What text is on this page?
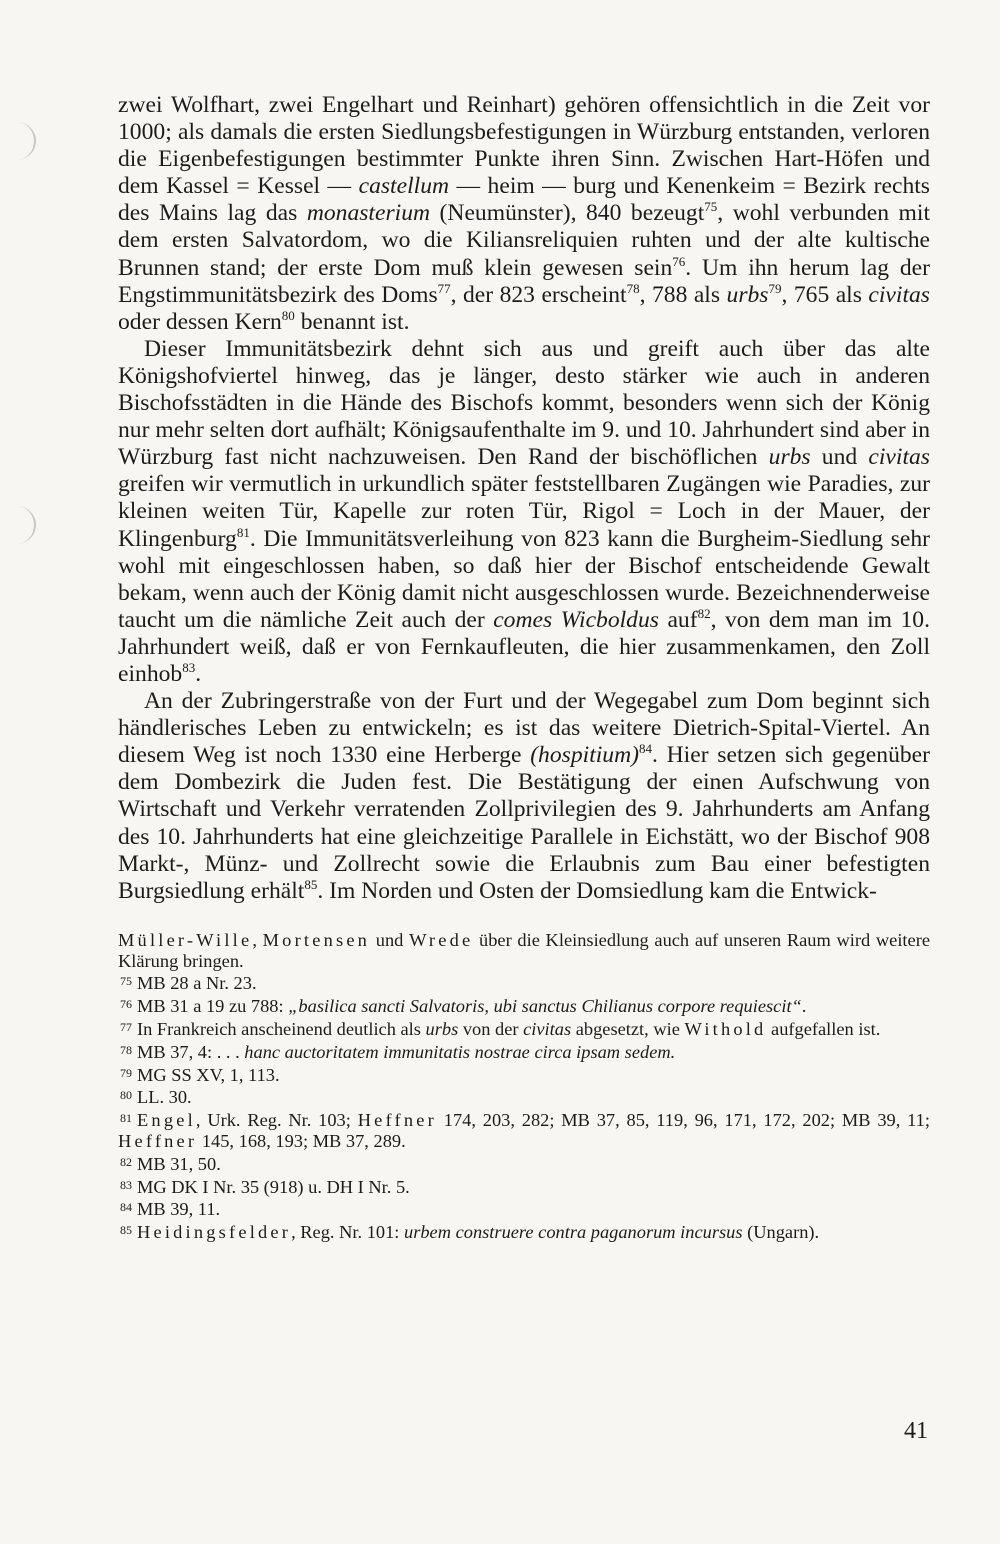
zwei Wolfhart, zwei Engelhart und Reinhart) gehören offensichtlich in die Zeit vor 1000; als damals die ersten Siedlungsbefestigungen in Würzburg entstanden, verloren die Eigenbefestigungen bestimmter Punkte ihren Sinn. Zwischen Hart-Höfen und dem Kassel = Kessel — castellum — heim — burg und Kenenkeim = Bezirk rechts des Mains lag das monasterium (Neumünster), 840 bezeugt$^{75}$, wohl verbunden mit dem ersten Salvatordom, wo die Kiliansreliquien ruhten und der alte kultische Brunnen stand; der erste Dom muß klein gewesen sein$^{76}$. Um ihn herum lag der Engstimmunitätsbezirk des Doms$^{77}$, der 823 erscheint$^{78}$, 788 als urbs$^{79}$, 765 als civitas oder dessen Kern$^{80}$ benannt ist.

Dieser Immunitätsbezirk dehnt sich aus und greift auch über das alte Königshofviertel hinweg, das je länger, desto stärker wie auch in anderen Bischofsstädten in die Hände des Bischofs kommt, besonders wenn sich der König nur mehr selten dort aufhält; Königsaufenthalte im 9. und 10. Jahrhundert sind aber in Würzburg fast nicht nachzuweisen. Den Rand der bischöflichen urbs und civitas greifen wir vermutlich in urkundlich später feststellbaren Zugängen wie Paradies, zur kleinen weiten Tür, Kapelle zur roten Tür, Rigol = Loch in der Mauer, der Klingenburg$^{81}$. Die Immunitätsverleihung von 823 kann die Burgheim-Siedlung sehr wohl mit eingeschlossen haben, so daß hier der Bischof entscheidende Gewalt bekam, wenn auch der König damit nicht ausgeschlossen wurde. Bezeichnenderweise taucht um die nämliche Zeit auch der comes Wicboldus auf$^{82}$, von dem man im 10. Jahrhundert weiß, daß er von Fernkaufleuten, die hier zusammenkamen, den Zoll einhob$^{83}$.

An der Zubringerstraße von der Furt und der Wegegabel zum Dom beginnt sich händlerisches Leben zu entwickeln; es ist das weitere Dietrich-Spital-Viertel. An diesem Weg ist noch 1330 eine Herberge (hospitium)$^{84}$. Hier setzen sich gegenüber dem Dombezirk die Juden fest. Die Bestätigung der einen Aufschwung von Wirtschaft und Verkehr verratenden Zollprivilegien des 9. Jahrhunderts am Anfang des 10. Jahrhunderts hat eine gleichzeitige Parallele in Eichstätt, wo der Bischof 908 Markt-, Münz- und Zollrecht sowie die Erlaubnis zum Bau einer befestigten Burgsiedlung erhält$^{85}$. Im Norden und Osten der Domsiedlung kam die Entwick-

Müller-Wille, Mortensen und Wrede über die Kleinsiedlung auch auf unseren Raum wird weitere Klärung bringen.

$^{75}$ MB 28 a Nr. 23.

$^{76}$ MB 31 a 19 zu 788: „basilica sancti Salvatoris, ubi sanctus Chilianus corpore requiescit“.

$^{77}$ In Frankreich anscheinend deutlich als urbs von der civitas abgesetzt, wie Withold aufgefallen ist.

$^{78}$ MB 37, 4: . . . hanc auctoritatem immunitatis nostrae circa ipsam sedem.

$^{79}$ MG SS XV, 1, 113.

$^{80}$ LL. 30.

$^{81}$ Engel, Urk. Reg. Nr. 103; Heffner 174, 203, 282; MB 37, 85, 119, 96, 171, 172, 202; MB 39, 11; Heffner 145, 168, 193; MB 37, 289.

$^{82}$ MB 31, 50.

$^{83}$ MG DK I Nr. 35 (918) u. DH I Nr. 5.

$^{84}$ MB 39, 11.

$^{85}$ Heidingsfelder, Reg. Nr. 101: urbem construere contra paganorum incursus (Ungarn).

41
